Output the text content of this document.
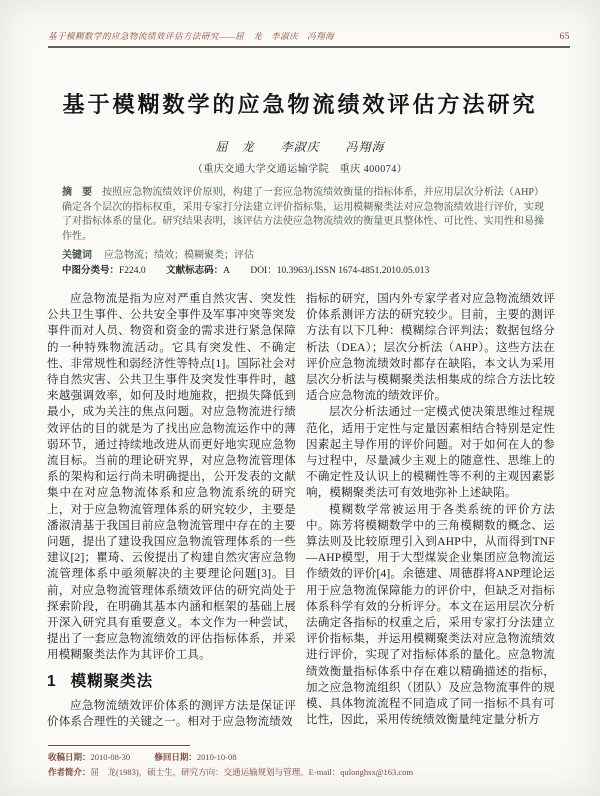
基于模糊数学的应急物流绩效评估方法研究——屈　龙　李淑庆　冯翔海	65
基于模糊数学的应急物流绩效评估方法研究
屈　龙　　李淑庆　　冯翔海
（重庆交通大学交通运输学院　重庆 400074）
摘　要 按照应急物流绩效评价原则，构建了一套应急物流绩效衡量的指标体系，并应用层次分析法（AHP）确定各个层次的指标权重，采用专家打分法建立评价指标集，运用模糊聚类法对应急物流绩效进行评价，实现了对指标体系的量化。研究结果表明，该评估方法使应急物流绩效的衡量更具整体性、可比性、实用性和易操作性。
关键词 应急物流；绩效；模糊聚类；评估
中图分类号：F224.0 文献标志码：A DOI：10.3963/j.ISSN 1674-4851.2010.05.013

应急物流是指为应对严重自然灾害、突发性公共卫生事件、公共安全事件及军事冲突等突发事件而对人员、物资和资金的需求进行紧急保障的一种特殊物流活动。它具有突发性、不确定性、非常规性和弱经济性等特点[1]。国际社会对待自然灾害、公共卫生事件及突发性事件时，越来越强调效率，如何及时地施救，把损失降低到最小，成为关注的焦点问题。对应急物流进行绩效评估的目的就是为了找出应急物流运作中的薄弱环节，通过持续地改进从而更好地实现应急物流目标。当前的理论研究界，对应急物流管理体系的架构和运行尚未明确提出，公开发表的文献集中在对应急物流体系和应急物流系统的研究上，对于应急物流管理体系的研究较少，主要是潘淑清基于我国目前应急物流管理中存在的主要问题，提出了建设我国应急物流管理体系的一些建议[2]；瞿琦、云俊提出了构建自然灾害应急物流管理体系中亟须解决的主要理论问题[3]。目前，对应急物流管理体系绩效评估的研究尚处于探索阶段，在明确其基本内涵和框架的基础上展开深入研究具有重要意义。本文作为一种尝试，提出了一套应急物流绩效的评估指标体系，并采用模糊聚类法作为其评价工具。

1 模糊聚类法

应急物流绩效评价体系的测评方法是保证评价体系合理性的关键之一。相对于应急物流绩效

指标的研究，国内外专家学者对应急物流绩效评价体系测评方法的研究较少。目前，主要的测评方法有以下几种：模糊综合评判法；数据包络分析法（DEA）；层次分析法（AHP）。这些方法在评价应急物流绩效时都存在缺陷，本文认为采用层次分析法与模糊聚类法相集成的综合方法比较适合应急物流的绩效评价。

层次分析法通过一定模式使决策思维过程规范化，适用于定性与定量因素相结合特别是定性因素起主导作用的评价问题。对于如何在人的参与过程中，尽量减少主观上的随意性、思维上的不确定性及认识上的模糊性等不利的主观因素影响，模糊聚类法可有效地弥补上述缺陷。

模糊数学常被运用于各类系统的评价方法中。陈芳将模糊数学中的三角模糊数的概念、运算法则及比较原理引入到AHP中，从而得到TNF—AHP模型，用于大型煤炭企业集团应急物流运作绩效的评价[4]。余德建、周德群将ANP理论运用于应急物流保障能力的评价中，但缺乏对指标体系科学有效的分析评分。本文在运用层次分析法确定各指标的权重之后，采用专家打分法建立评价指标集，并运用模糊聚类法对应急物流绩效进行评价，实现了对指标体系的量化。应急物流绩效衡量指标体系中存在难以精确描述的指标，加之应急物流组织（团队）及应急物流事件的规模、具体物流流程不同造成了同一指标不具有可比性，因此，采用传统绩效衡量纯定量分析方

收稿日期：2010-08-30	修回日期：2010-10-08
作者简介：屈　龙(1983)，硕士生，研究方向：交通运输规划与管理。E-mail：qulonghsx@163.com
